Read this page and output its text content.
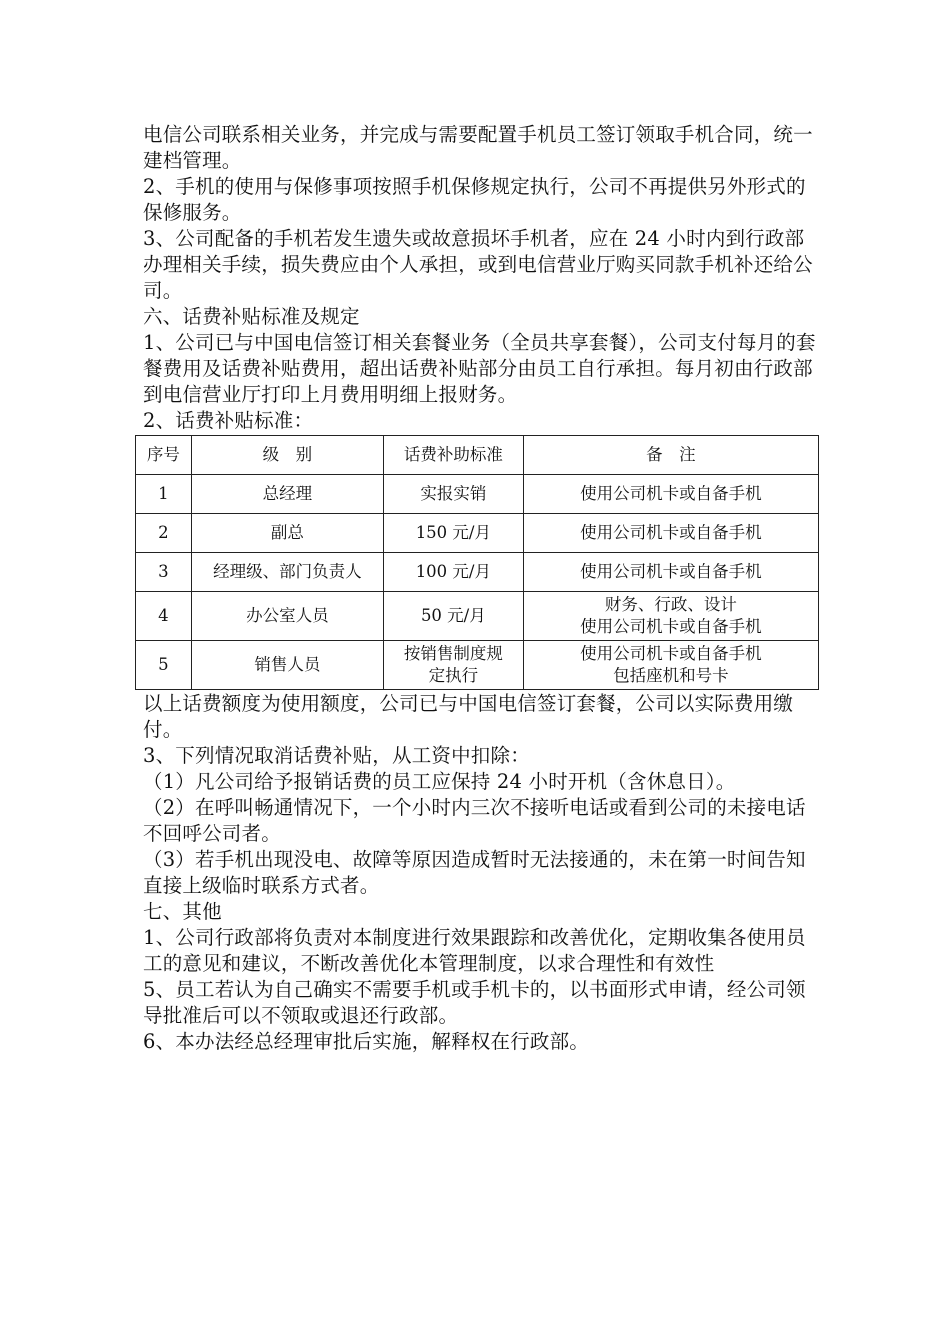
电信公司联系相关业务，并完成与需要配置手机员工签订领取手机合同，统一建档管理。

2、手机的使用与保修事项按照手机保修规定执行，公司不再提供另外形式的保修服务。

3、公司配备的手机若发生遗失或故意损坏手机者，应在 24 小时内到行政部办理相关手续，损失费应由个人承担，或到电信营业厅购买同款手机补还给公司。

六、话费补贴标准及规定

1、公司已与中国电信签订相关套餐业务（全员共享套餐），公司支付每月的套餐费用及话费补贴费用，超出话费补贴部分由员工自行承担。每月初由行政部到电信营业厅打印上月费用明细上报财务。

2、话费补贴标准：

序号	级　别	话费补助标准	备　注
1	总经理	实报实销	使用公司机卡或自备手机
2	副总	150 元/月	使用公司机卡或自备手机
3	经理级、部门负责人	100 元/月	使用公司机卡或自备手机
4	办公室人员	50 元/月	财务、行政、设计
使用公司机卡或自备手机

5	销售人员	按销售制度规
定执行	使用公司机卡或自备手机
包括座机和号卡

以上话费额度为使用额度，公司已与中国电信签订套餐，公司以实际费用缴付。

3、下列情况取消话费补贴，从工资中扣除：

（1）凡公司给予报销话费的员工应保持 24 小时开机（含休息日）。

（2）在呼叫畅通情况下，一个小时内三次不接听电话或看到公司的未接电话不回呼公司者。

（3）若手机出现没电、故障等原因造成暂时无法接通的，未在第一时间告知直接上级临时联系方式者。

七、其他

1、公司行政部将负责对本制度进行效果跟踪和改善优化，定期收集各使用员工的意见和建议，不断改善优化本管理制度，以求合理性和有效性

5、员工若认为自己确实不需要手机或手机卡的，以书面形式申请，经公司领导批准后可以不领取或退还行政部。

6、本办法经总经理审批后实施，解释权在行政部。
